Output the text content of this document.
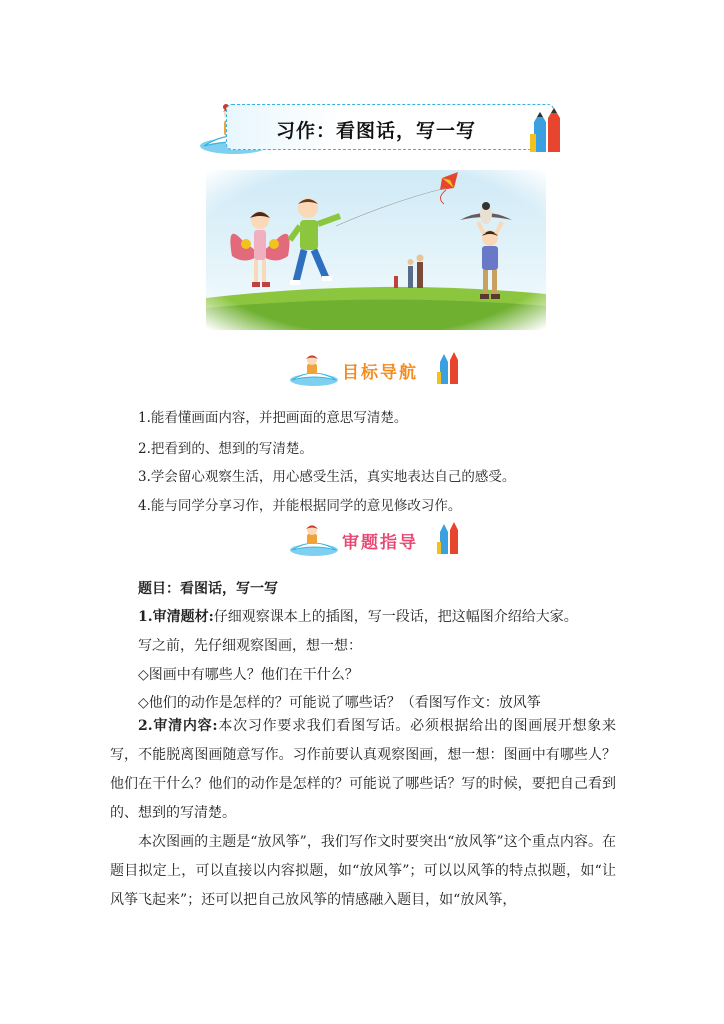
习作：看图话，写一写
目标导航
1.能看懂画面内容，并把画面的意思写清楚。
2.把看到的、想到的写清楚。
3.学会留心观察生活，用心感受生活，真实地表达自己的感受。
4.能与同学分享习作，并能根据同学的意见修改习作。
审题指导
题目：看图话，写一写
1.审清题材:仔细观察课本上的插图，写一段话，把这幅图介绍给大家。
写之前，先仔细观察图画，想一想：
◇图画中有哪些人？他们在干什么？
◇他们的动作是怎样的？可能说了哪些话？（看图写作文：放风筝
2.审清内容:本次习作要求我们看图写话。必须根据给出的图画展开想象来写，不能脱离图画随意写作。习作前要认真观察图画，想一想：图画中有哪些人？他们在干什么？他们的动作是怎样的？可能说了哪些话？写的时候，要把自己看到的、想到的写清楚。
本次图画的主题是“放风筝”，我们写作文时要突出“放风筝”这个重点内容。在题目拟定上，可以直接以内容拟题，如“放风筝”；可以以风筝的特点拟题，如“让风筝飞起来”；还可以把自己放风筝的情感融入题目，如“放风筝，
